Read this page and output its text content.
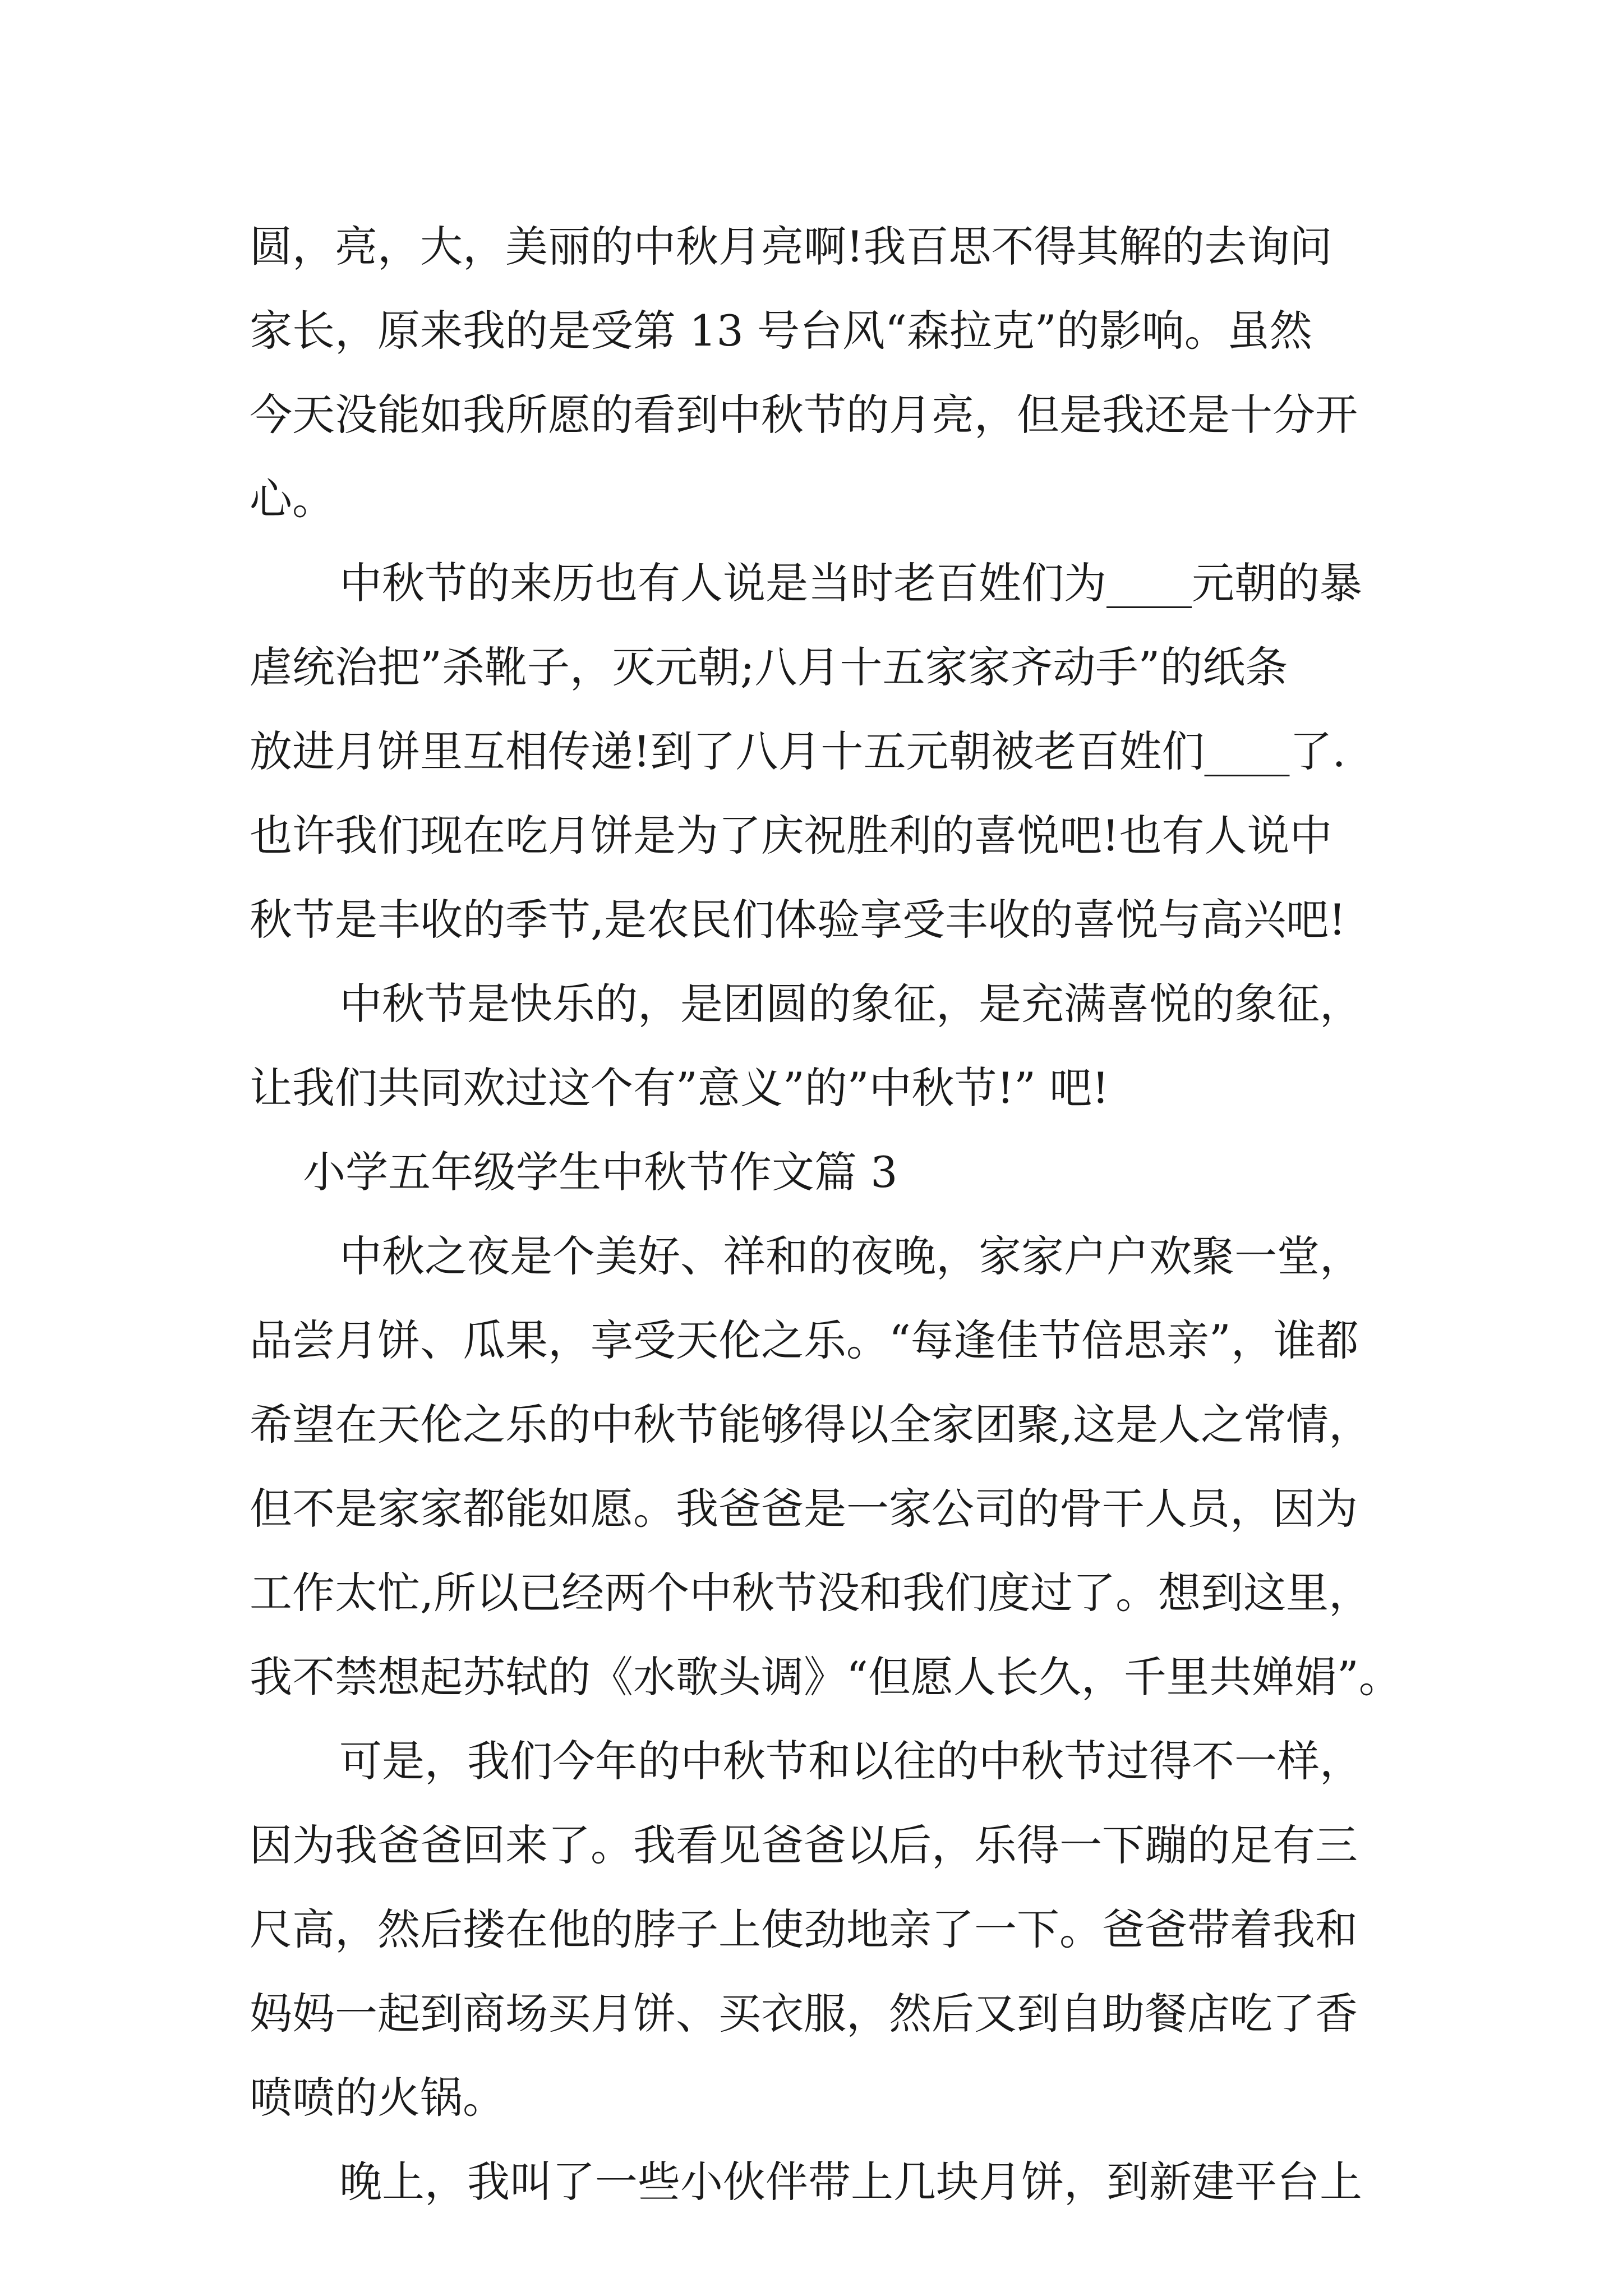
圆，亮，大，美丽的中秋月亮啊!我百思不得其解的去询问
家长，原来我的是受第 13 号台风“森拉克”的影响。虽然
今天没能如我所愿的看到中秋节的月亮，但是我还是十分开
心。
中秋节的来历也有人说是当时老百姓们为____元朝的暴
虐统治把”杀靴子，灭元朝;八月十五家家齐动手”的纸条
放进月饼里互相传递!到了八月十五元朝被老百姓们____了.
也许我们现在吃月饼是为了庆祝胜利的喜悦吧!也有人说中
秋节是丰收的季节,是农民们体验享受丰收的喜悦与高兴吧!
中秋节是快乐的，是团圆的象征，是充满喜悦的象征，
让我们共同欢过这个有”意义”的”中秋节!” 吧!
小学五年级学生中秋节作文篇 3
中秋之夜是个美好、祥和的夜晚，家家户户欢聚一堂，
品尝月饼、瓜果，享受天伦之乐。“每逢佳节倍思亲”，谁都
希望在天伦之乐的中秋节能够得以全家团聚,这是人之常情，
但不是家家都能如愿。我爸爸是一家公司的骨干人员，因为
工作太忙,所以已经两个中秋节没和我们度过了。想到这里，
我不禁想起苏轼的《水歌头调》“但愿人长久，千里共婵娟”。
可是，我们今年的中秋节和以往的中秋节过得不一样，
因为我爸爸回来了。我看见爸爸以后，乐得一下蹦的足有三
尺高，然后搂在他的脖子上使劲地亲了一下。爸爸带着我和
妈妈一起到商场买月饼、买衣服，然后又到自助餐店吃了香
喷喷的火锅。
晚上，我叫了一些小伙伴带上几块月饼，到新建平台上
